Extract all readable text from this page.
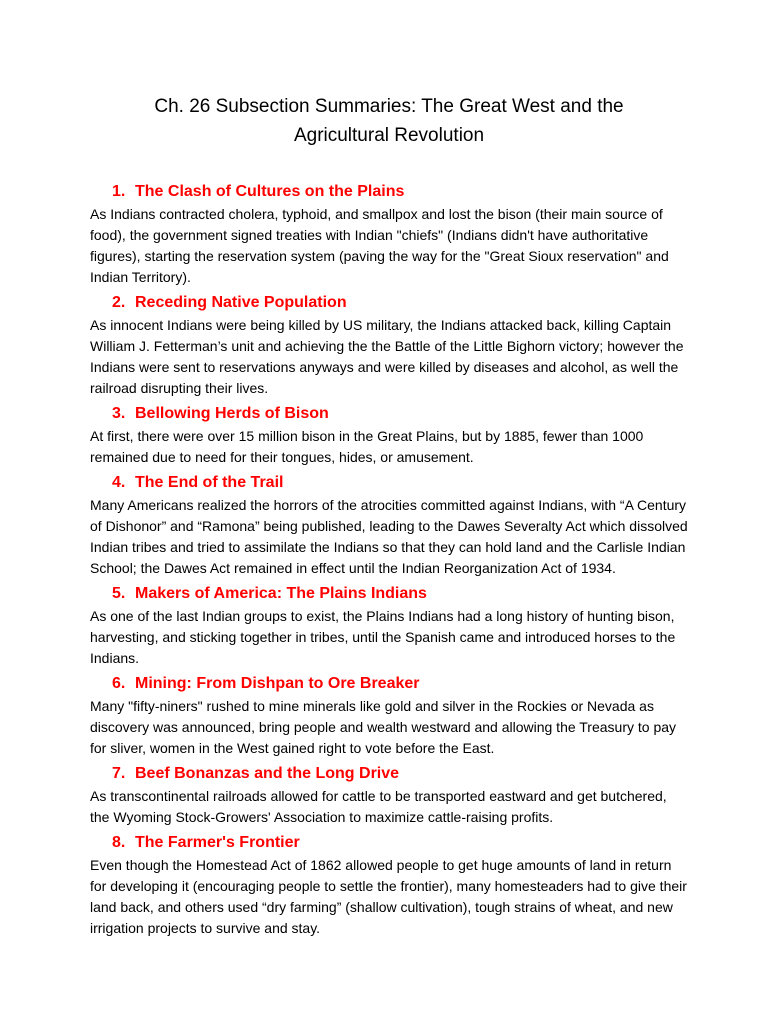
Ch. 26 Subsection Summaries: The Great West and the
Agricultural Revolution
1. The Clash of Cultures on the Plains

As Indians contracted cholera, typhoid, and smallpox and lost the bison (their main source of food), the government signed treaties with Indian "chiefs" (Indians didn't have authoritative figures), starting the reservation system (paving the way for the "Great Sioux reservation" and Indian Territory).

2. Receding Native Population

As innocent Indians were being killed by US military, the Indians attacked back, killing Captain William J. Fetterman’s unit and achieving the the Battle of the Little Bighorn victory; however the Indians were sent to reservations anyways and were killed by diseases and alcohol, as well the railroad disrupting their lives.

3. Bellowing Herds of Bison

At first, there were over 15 million bison in the Great Plains, but by 1885, fewer than 1000 remained due to need for their tongues, hides, or amusement.

4. The End of the Trail

Many Americans realized the horrors of the atrocities committed against Indians, with “A Century of Dishonor” and “Ramona” being published, leading to the Dawes Severalty Act which dissolved Indian tribes and tried to assimilate the Indians so that they can hold land and the Carlisle Indian School; the Dawes Act remained in effect until the Indian Reorganization Act of 1934.

5. Makers of America: The Plains Indians

As one of the last Indian groups to exist, the Plains Indians had a long history of hunting bison, harvesting, and sticking together in tribes, until the Spanish came and introduced horses to the Indians.

6. Mining: From Dishpan to Ore Breaker

Many "fifty-niners" rushed to mine minerals like gold and silver in the Rockies or Nevada as discovery was announced, bring people and wealth westward and allowing the Treasury to pay for sliver, women in the West gained right to vote before the East.

7. Beef Bonanzas and the Long Drive

As transcontinental railroads allowed for cattle to be transported eastward and get butchered, the Wyoming Stock-Growers' Association to maximize cattle-raising profits.

8. The Farmer's Frontier

Even though the Homestead Act of 1862 allowed people to get huge amounts of land in return for developing it (encouraging people to settle the frontier), many homesteaders had to give their land back, and others used “dry farming” (shallow cultivation), tough strains of wheat, and new irrigation projects to survive and stay.
